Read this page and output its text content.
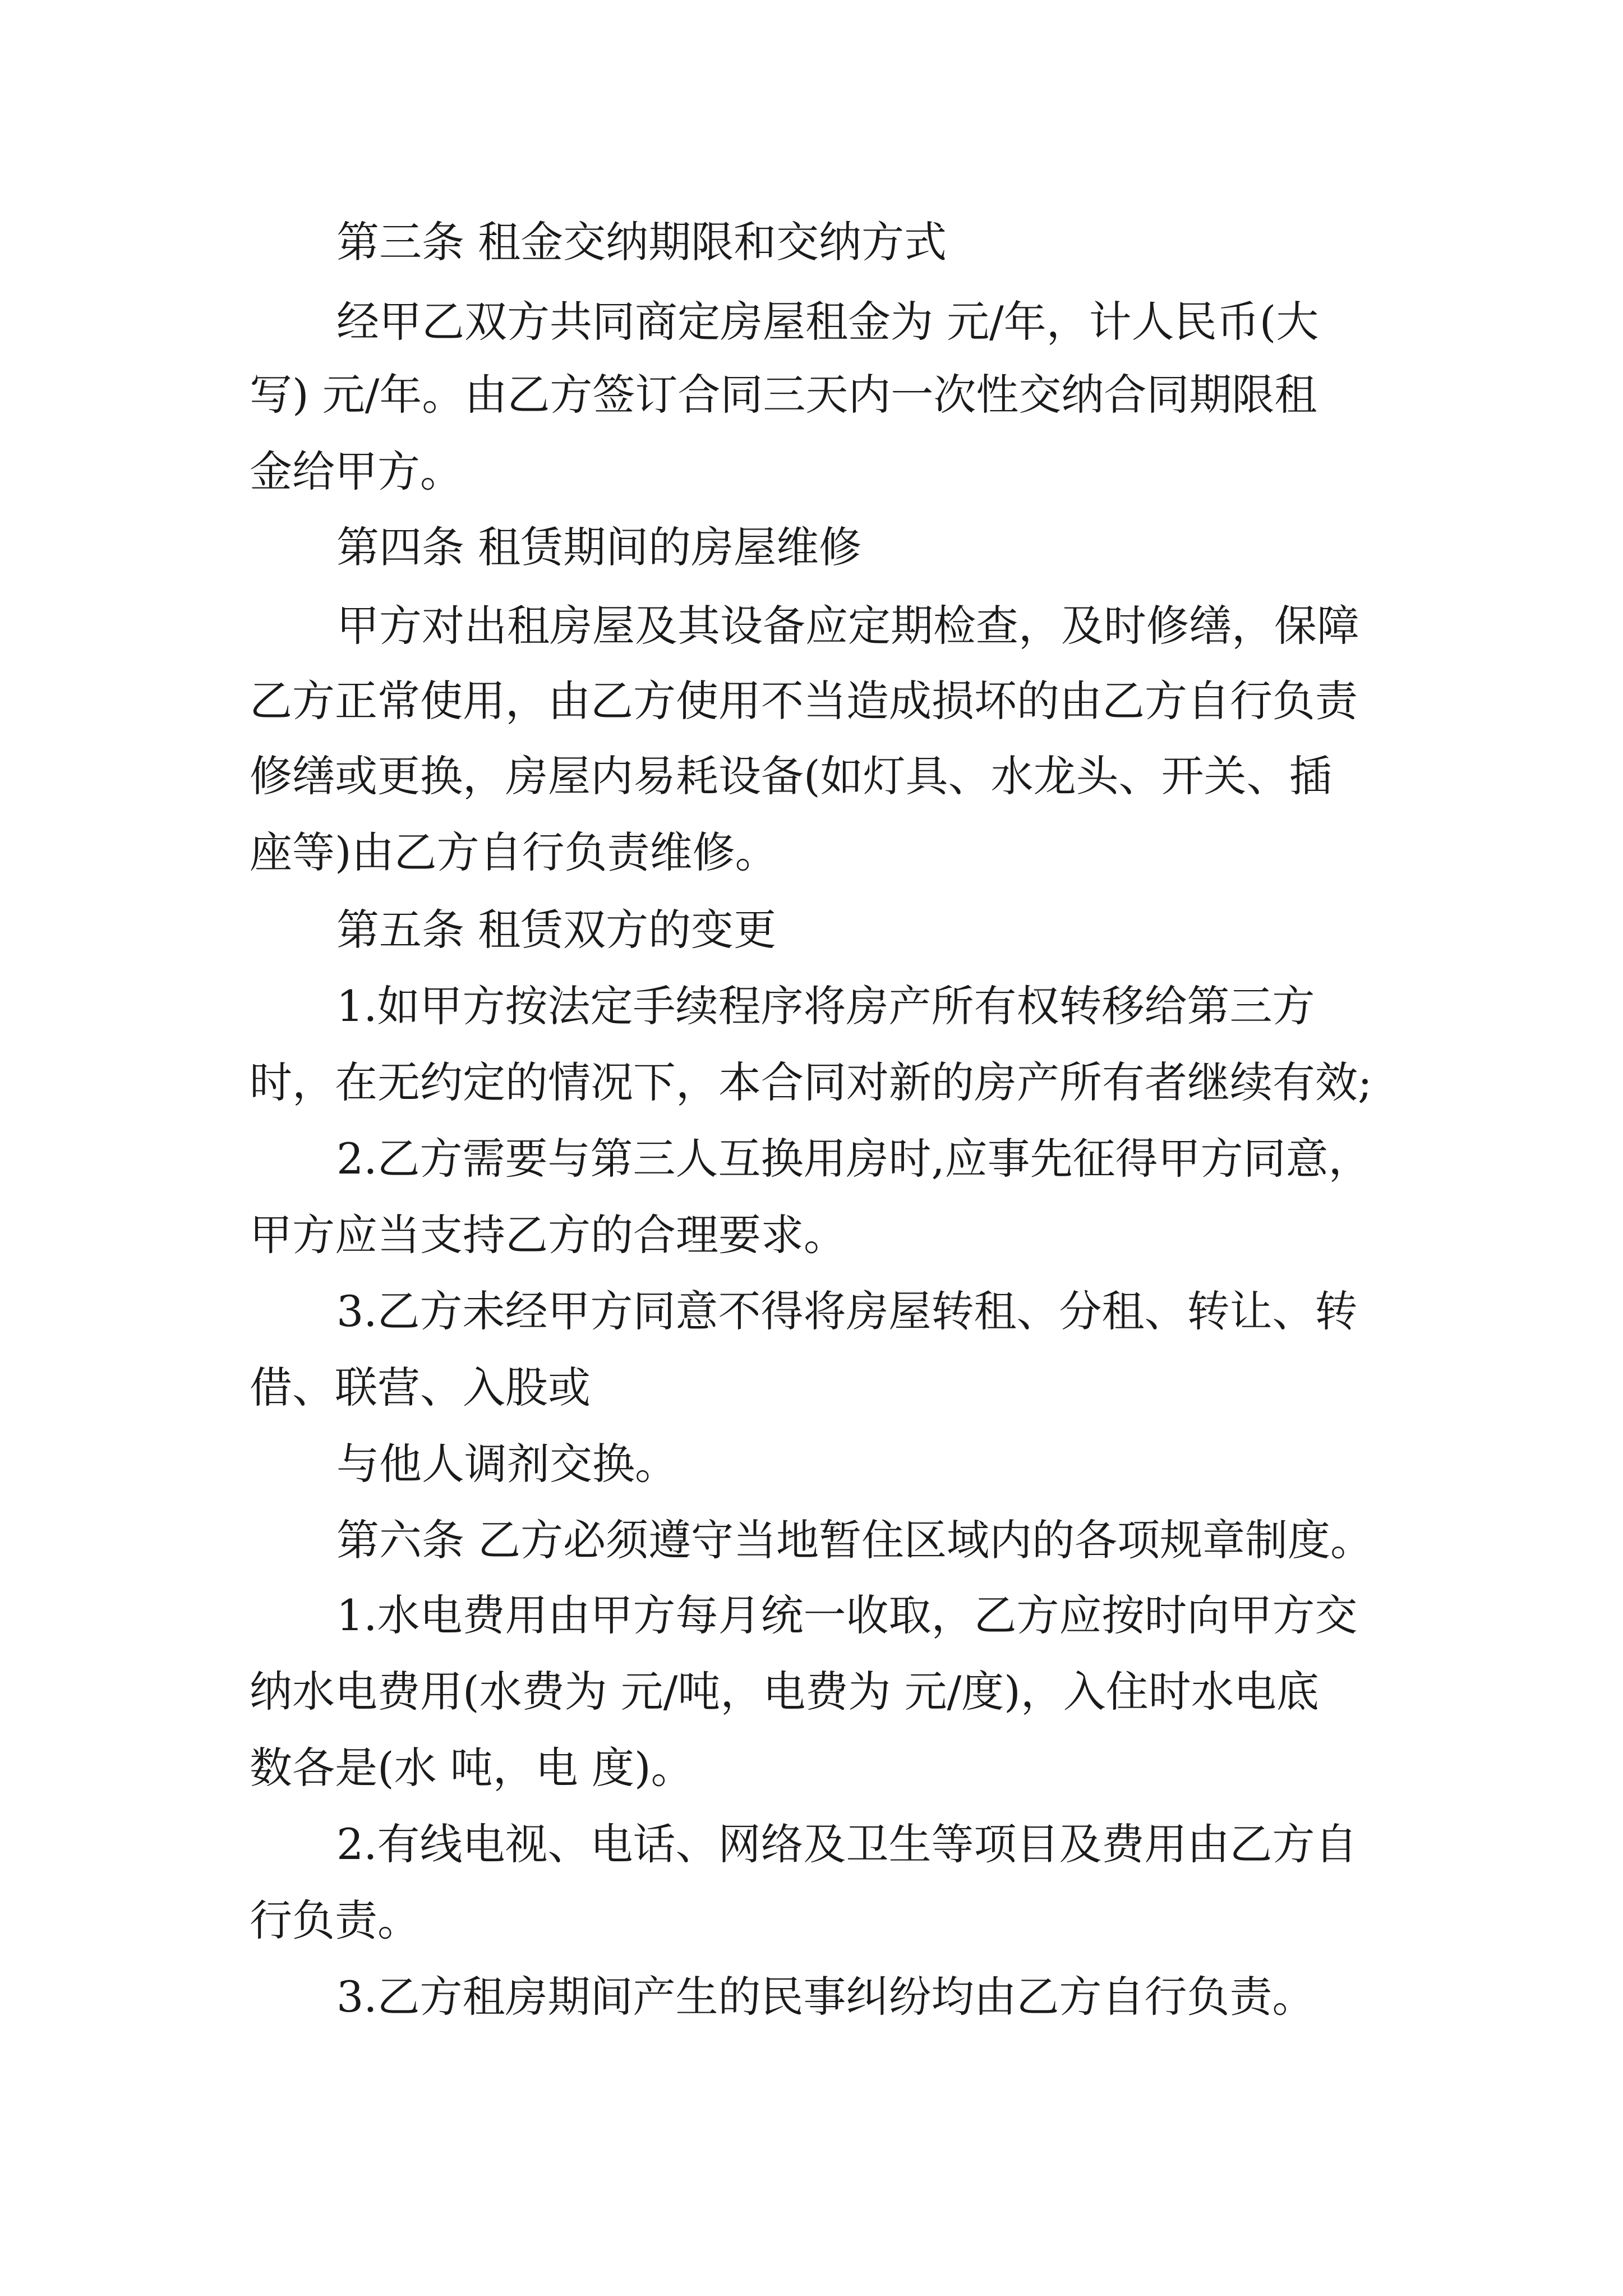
第三条 租金交纳期限和交纳方式

经甲乙双方共同商定房屋租金为 元/年，计人民币(大

写) 元/年。由乙方签订合同三天内一次性交纳合同期限租

金给甲方。

第四条 租赁期间的房屋维修

甲方对出租房屋及其设备应定期检查，及时修缮，保障

乙方正常使用，由乙方使用不当造成损坏的由乙方自行负责

修缮或更换，房屋内易耗设备(如灯具、水龙头、开关、插

座等)由乙方自行负责维修。

第五条 租赁双方的变更

1.如甲方按法定手续程序将房产所有权转移给第三方

时，在无约定的情况下，本合同对新的房产所有者继续有效;

2.乙方需要与第三人互换用房时,应事先征得甲方同意，

甲方应当支持乙方的合理要求。

3.乙方未经甲方同意不得将房屋转租、分租、转让、转

借、联营、入股或

与他人调剂交换。

第六条 乙方必须遵守当地暂住区域内的各项规章制度。

1.水电费用由甲方每月统一收取，乙方应按时向甲方交

纳水电费用(水费为 元/吨，电费为 元/度)，入住时水电底

数各是(水 吨，电 度)。

2.有线电视、电话、网络及卫生等项目及费用由乙方自

行负责。

3.乙方租房期间产生的民事纠纷均由乙方自行负责。
